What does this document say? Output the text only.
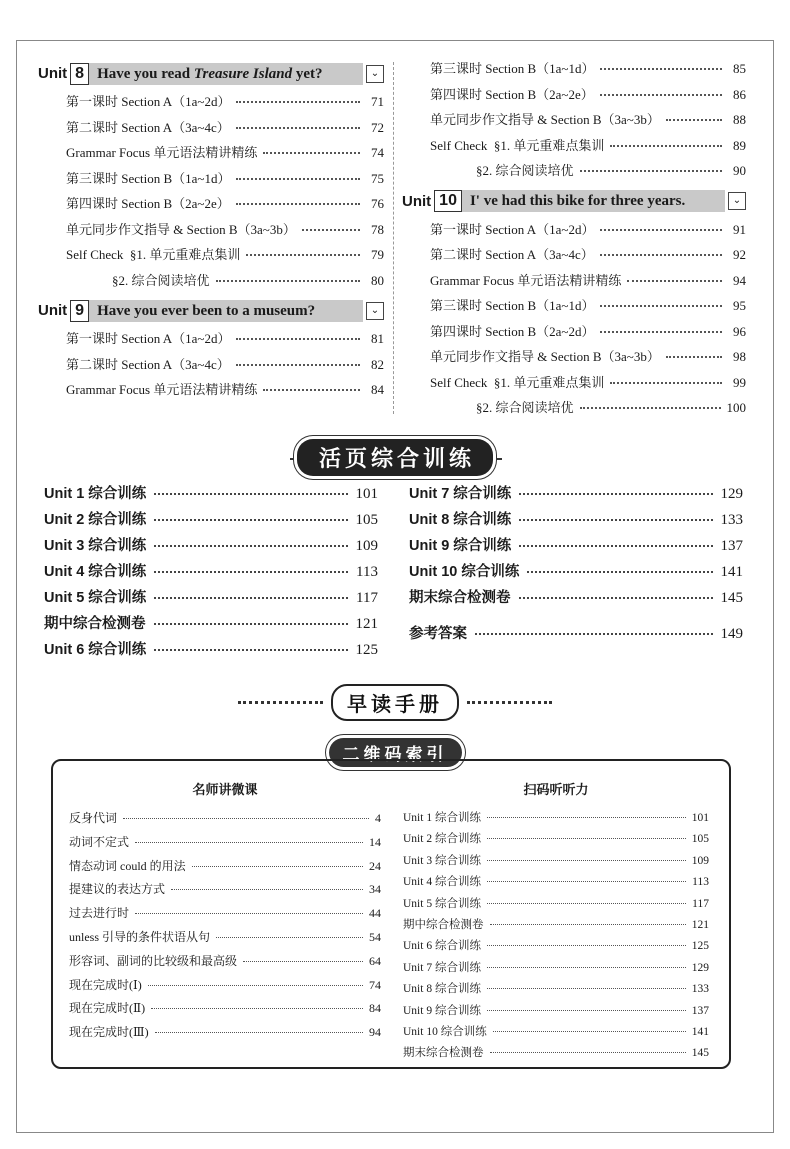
Unit 8 Have you read Treasure Island yet?	⌄
第一课时 Section A（1a~2d）	71
第二课时 Section A（3a~4c）	72
Grammar Focus 单元语法精讲精练	74
第三课时 Section B（1a~1d）	75
第四课时 Section B（2a~2e）	76
单元同步作文指导 & Section B（3a~3b）	78
Self Check  §1. 单元重难点集训	79
§2. 综合阅读培优	80
Unit 9 Have you ever been to a museum?	⌄
第一课时 Section A（1a~2d）	81
第二课时 Section A（3a~4c）	82
Grammar Focus 单元语法精讲精练	84
第三课时 Section B（1a~1d）	85
第四课时 Section B（2a~2e）	86
单元同步作文指导 & Section B（3a~3b）	88
Self Check  §1. 单元重难点集训	89
§2. 综合阅读培优	90
Unit 10 I' ve had this bike for three years.	⌄
第一课时 Section A（1a~2d）	91
第二课时 Section A（3a~4c）	92
Grammar Focus 单元语法精讲精练	94
第三课时 Section B（1a~1d）	95
第四课时 Section B（2a~2d）	96
单元同步作文指导 & Section B（3a~3b）	98
Self Check  §1. 单元重难点集训	99
§2. 综合阅读培优	100
活页综合训练
Unit 1 综合训练	101
Unit 2 综合训练	105
Unit 3 综合训练	109
Unit 4 综合训练	113
Unit 5 综合训练	117
期中综合检测卷	121
Unit 6 综合训练	125
Unit 7 综合训练	129
Unit 8 综合训练	133
Unit 9 综合训练	137
Unit 10 综合训练	141
期末综合检测卷	145
参考答案	149
早读手册
二维码索引
名师讲微课
反身代词	4
动词不定式	14
情态动词 could 的用法	24
提建议的表达方式	34
过去进行时	44
unless 引导的条件状语从句	54
形容词、副词的比较级和最高级	64
现在完成时(Ⅰ)	74
现在完成时(Ⅱ)	84
现在完成时(Ⅲ)	94
扫码听听力
Unit 1 综合训练	101
Unit 2 综合训练	105
Unit 3 综合训练	109
Unit 4 综合训练	113
Unit 5 综合训练	117
期中综合检测卷	121
Unit 6 综合训练	125
Unit 7 综合训练	129
Unit 8 综合训练	133
Unit 9 综合训练	137
Unit 10 综合训练	141
期末综合检测卷	145
